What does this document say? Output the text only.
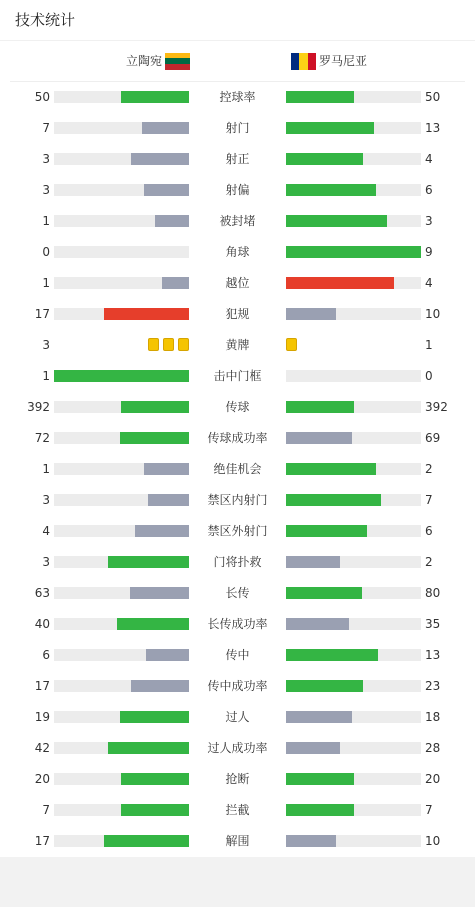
技术统计
立陶宛	罗马尼亚
50	控球率	50
7	射门	13
3	射正	4
3	射偏	6
1	被封堵	3
0	角球	9
1	越位	4
17	犯规	10
3	黄牌	1
1	击中门框	0
392	传球	392
72	传球成功率	69
1	绝佳机会	2
3	禁区内射门	7
4	禁区外射门	6
3	门将扑救	2
63	长传	80
40	长传成功率	35
6	传中	13
17	传中成功率	23
19	过人	18
42	过人成功率	28
20	抢断	20
7	拦截	7
17	解围	10
